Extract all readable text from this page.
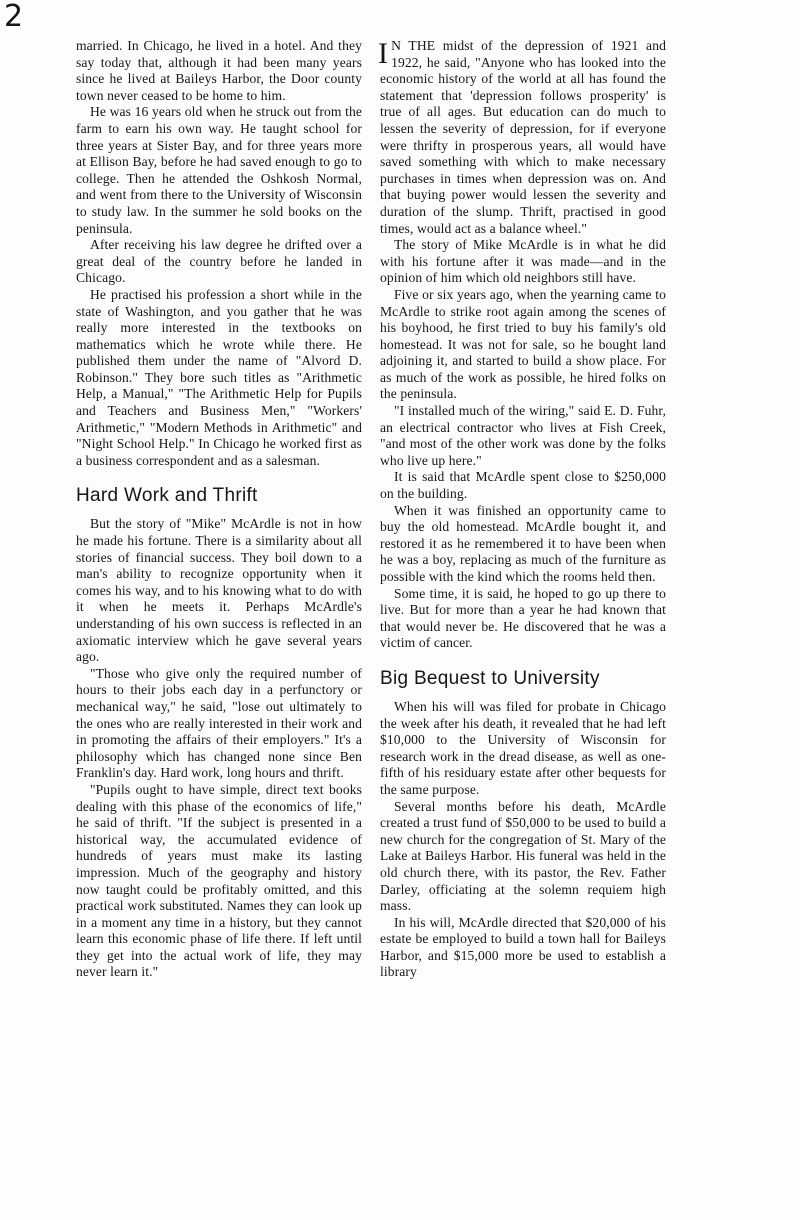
2

married. In Chicago, he lived in a hotel. And they say today that, although it had been many years since he lived at Baileys Harbor, the Door county town never ceased to be home to him.

He was 16 years old when he struck out from the farm to earn his own way. He taught school for three years at Sister Bay, and for three years more at Ellison Bay, before he had saved enough to go to college. Then he attended the Oshkosh Normal, and went from there to the University of Wisconsin to study law. In the summer he sold books on the peninsula.

After receiving his law degree he drifted over a great deal of the country before he landed in Chicago.

He practised his profession a short while in the state of Washington, and you gather that he was really more interested in the textbooks on mathematics which he wrote while there. He published them under the name of "Alvord D. Robinson." They bore such titles as "Arithmetic Help, a Manual," "The Arithmetic Help for Pupils and Teachers and Business Men," "Workers' Arithmetic," "Modern Methods in Arithmetic" and "Night School Help." In Chicago he worked first as a business correspondent and as a salesman.

Hard Work and Thrift

But the story of "Mike" McArdle is not in how he made his fortune. There is a similarity about all stories of financial success. They boil down to a man's ability to recognize opportunity when it comes his way, and to his knowing what to do with it when he meets it. Perhaps McArdle's understanding of his own success is reflected in an axiomatic interview which he gave several years ago.

"Those who give only the required number of hours to their jobs each day in a perfunctory or mechanical way," he said, "lose out ultimately to the ones who are really interested in their work and in promoting the affairs of their employers." It's a philosophy which has changed none since Ben Franklin's day. Hard work, long hours and thrift.

"Pupils ought to have simple, direct text books dealing with this phase of the economics of life," he said of thrift. "If the subject is presented in a historical way, the accumulated evidence of hundreds of years must make its lasting impression. Much of the geography and history now taught could be profitably omitted, and this practical work substituted. Names they can look up in a moment any time in a history, but they cannot learn this economic phase of life there. If left until they get into the actual work of life, they may never learn it."

I N THE midst of the depression of 1921 and 1922, he said, "Anyone who has looked into the economic history of the world at all has found the statement that 'depression follows prosperity' is true of all ages. But education can do much to lessen the severity of depression, for if everyone were thrifty in prosperous years, all would have saved something with which to make necessary purchases in times when depression was on. And that buying power would lessen the severity and duration of the slump. Thrift, practised in good times, would act as a balance wheel."

The story of Mike McArdle is in what he did with his fortune after it was made—and in the opinion of him which old neighbors still have.

Five or six years ago, when the yearning came to McArdle to strike root again among the scenes of his boyhood, he first tried to buy his family's old homestead. It was not for sale, so he bought land adjoining it, and started to build a show place. For as much of the work as possible, he hired folks on the peninsula.

"I installed much of the wiring," said E. D. Fuhr, an electrical contractor who lives at Fish Creek, "and most of the other work was done by the folks who live up here."

It is said that McArdle spent close to $250,000 on the building.

When it was finished an opportunity came to buy the old homestead. McArdle bought it, and restored it as he remembered it to have been when he was a boy, replacing as much of the furniture as possible with the kind which the rooms held then.

Some time, it is said, he hoped to go up there to live. But for more than a year he had known that that would never be. He discovered that he was a victim of cancer.

Big Bequest to University

When his will was filed for probate in Chicago the week after his death, it revealed that he had left $10,000 to the University of Wisconsin for research work in the dread disease, as well as one-fifth of his residuary estate after other bequests for the same purpose.

Several months before his death, McArdle created a trust fund of $50,000 to be used to build a new church for the congregation of St. Mary of the Lake at Baileys Harbor. His funeral was held in the old church there, with its pastor, the Rev. Father Darley, officiating at the solemn requiem high mass.

In his will, McArdle directed that $20,000 of his estate be employed to build a town hall for Baileys Harbor, and $15,000 more be used to establish a library
